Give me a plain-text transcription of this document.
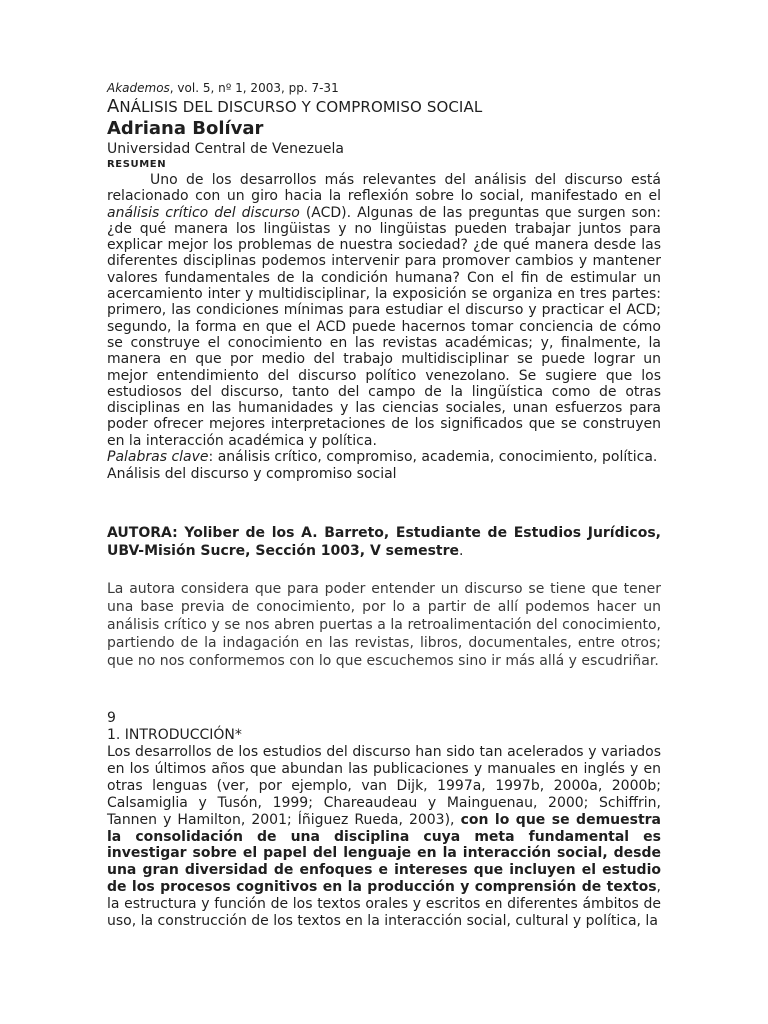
Akademos, vol. 5, nº 1, 2003, pp. 7-31

ANÁLISIS DEL DISCURSO Y COMPROMISO SOCIAL

Adriana Bolívar

Universidad Central de Venezuela

RESUMEN

Uno de los desarrollos más relevantes del análisis del discurso está relacionado con un giro hacia la reflexión sobre lo social, manifestado en el análisis crítico del discurso (ACD). Algunas de las preguntas que surgen son: ¿de qué manera los lingüistas y no lingüistas pueden trabajar juntos para explicar mejor los problemas de nuestra sociedad? ¿de qué manera desde las diferentes disciplinas podemos intervenir para promover cambios y mantener valores fundamentales de la condición humana? Con el fin de estimular un acercamiento inter y multidisciplinar, la exposición se organiza en tres partes: primero, las condiciones mínimas para estudiar el discurso y practicar el ACD; segundo, la forma en que el ACD puede hacernos tomar conciencia de cómo se construye el conocimiento en las revistas académicas; y, finalmente, la manera en que por medio del trabajo multidisciplinar se puede lograr un mejor entendimiento del discurso político venezolano. Se sugiere que los estudiosos del discurso, tanto del campo de la lingüística como de otras disciplinas en las humanidades y las ciencias sociales, unan esfuerzos para poder ofrecer mejores interpretaciones de los significados que se construyen en la interacción académica y política.

Palabras clave: análisis crítico, compromiso, academia, conocimiento, política.

Análisis del discurso y compromiso social

AUTORA: Yoliber de los A. Barreto, Estudiante de Estudios Jurídicos, UBV-Misión Sucre, Sección 1003, V semestre.

La autora considera que para poder entender un discurso se tiene que tener una base previa de conocimiento, por lo a partir de allí podemos hacer un análisis crítico y se nos abren puertas a la retroalimentación del conocimiento, partiendo de la indagación en las revistas, libros, documentales, entre otros; que no nos conformemos con lo que escuchemos sino ir más allá y escudriñar.

9

1. INTRODUCCIÓN*

Los desarrollos de los estudios del discurso han sido tan acelerados y variados en los últimos años que abundan las publicaciones y manuales en inglés y en otras lenguas (ver, por ejemplo, van Dijk, 1997a, 1997b, 2000a, 2000b; Calsamiglia y Tusón, 1999; Chareaudeau y Mainguenau, 2000; Schiffrin, Tannen y Hamilton, 2001; Íñiguez Rueda, 2003), con lo que se demuestra la consolidación de una disciplina cuya meta fundamental es investigar sobre el papel del lenguaje en la interacción social, desde una gran diversidad de enfoques e intereses que incluyen el estudio de los procesos cognitivos en la producción y comprensión de textos, la estructura y función de los textos orales y escritos en diferentes ámbitos de uso, la construcción de los textos en la interacción social, cultural y política, la
